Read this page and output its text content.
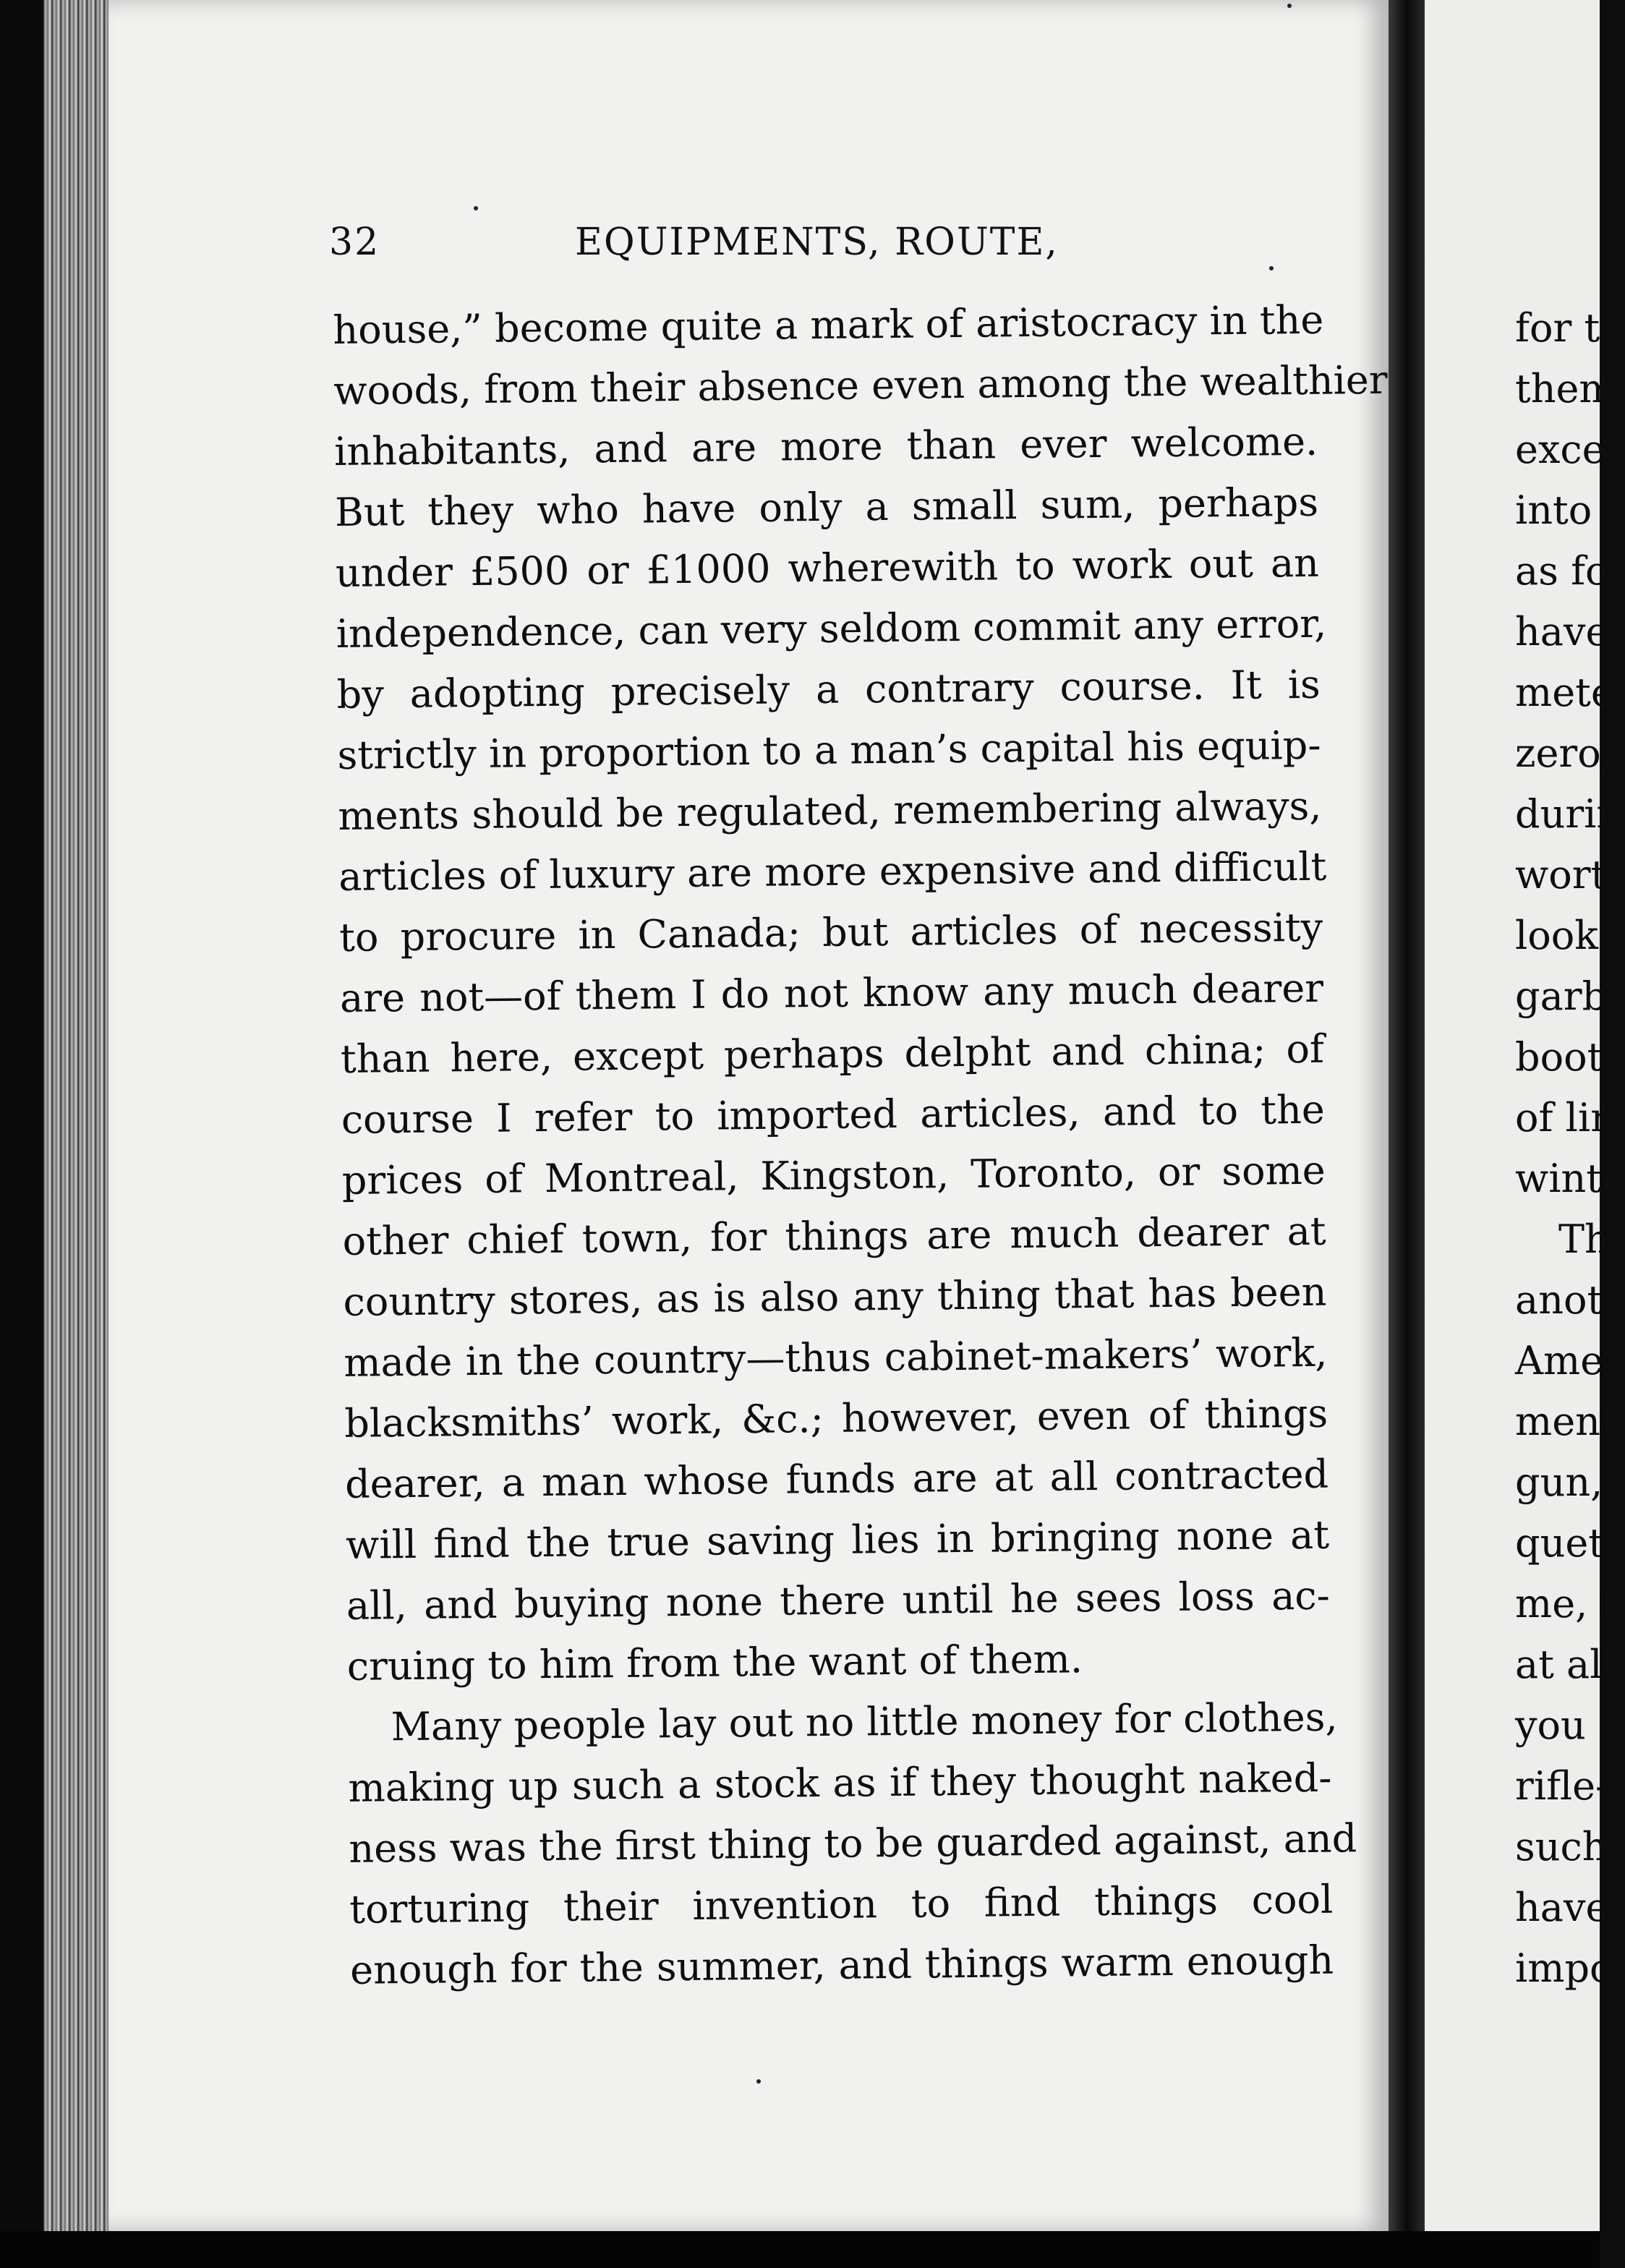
32	EQUIPMENTS, ROUTE,
house,” become quite a mark of aristocracy in the
woods, from their absence even among the wealthier
inhabitants, and are more than ever welcome.
But they who have only a small sum, perhaps
under £500 or £1000 wherewith to work out an
independence, can very seldom commit any error,
by adopting precisely a contrary course. It is
strictly in proportion to a man’s capital his equip-
ments should be regulated, remembering always,
articles of luxury are more expensive and difficult
to procure in Canada; but articles of necessity
are not—of them I do not know any much dearer
than here, except perhaps delpht and china; of
course I refer to imported articles, and to the
prices of Montreal, Kingston, Toronto, or some
other chief town, for things are much dearer at
country stores, as is also any thing that has been
made in the country—thus cabinet-makers’ work,
blacksmiths’ work, &c.; however, even of things
dearer, a man whose funds are at all contracted
will find the true saving lies in bringing none at
all, and buying none there until he sees loss ac-
cruing to him from the want of them.
Many people lay out no little money for clothes,
making up such a stock as if they thought naked-
ness was the first thing to be guarded against, and
torturing their invention to find things cool
enough for the summer, and things warm enough
for t
them
exce
into
as fo
have
mete
zero,
durin
wort
look
garb
boot
of lin
winte
Th
anot
Ame
ment
gun,
quet
me, t
at all
you
rifle-
such
have
impo
